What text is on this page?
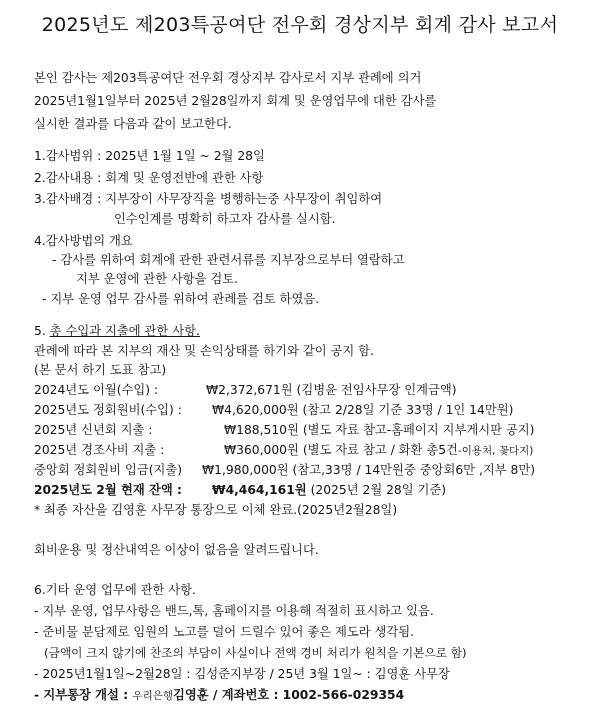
2025년도 제203특공여단 전우회 경상지부 회계 감사 보고서
본인 감사는 제203특공여단 전우회 경상지부 감사로서 지부 관례에 의거
2025년1월1일부터 2025년 2월28일까지 회계 및 운영업무에 대한 감사를
실시한 결과를 다음과 같이 보고한다.
1.감사범위 : 2025년 1월 1일 ~ 2월 28일
2.감사내용 : 회계 및 운영전반에 관한 사항
3.감사배경 : 지부장이 사무장직을 병행하는중 사무장이 취임하여
인수인계를 명확히 하고자 감사를 실시함.
4.감사방법의 개요
- 감사를 위하여 회계에 관한 관련서류를 지부장으로부터 열람하고
지부 운영에 관한 사항을 검토.
- 지부 운영 업무 감사를 위하여 관례를 검토 하였음.
5. 총 수입과 지출에 관한 사항.
관례에 따라 본 지부의 재산 및 손익상태를 하기와 같이 공지 함.
(본 문서 하기 도표 참고)
2024년도 이월(수입) :	₩2,372,671원 (김병윤 전임사무장 인계금액)
2025년도 정회원비(수입) : ₩4,620,000원 (참고 2/28일 기준 33명 / 1인 14만원)
2025년 신년회 지출 :	₩188,510원 (별도 자료 참고-홈페이지 지부게시판 공지)
2025년 경조사비 지출 :	₩360,000원 (별도 자료 참고 / 화환 총5건-이용처, 꽃다지)
중앙회 정회원비 입금(지출) ₩1,980,000원 (참고,33명 / 14만원중 중앙회6만 ,지부 8만)
2025년도 2월 현재 잔액 : ₩4,464,161원 (2025년 2월 28일 기준)
* 최종 자산을 김영훈 사무장 통장으로 이체 완료.(2025년2월28일)
회비운용 및 정산내역은 이상이 없음을 알려드립니다.
6.기타 운영 업무에 관한 사항.
- 지부 운영, 업무사항은 밴드,톡, 홈페이지를 이용해 적절히 표시하고 있음.
- 준비물 분담제로 임원의 노고를 덜어 드릴수 있어 좋은 제도라 생각됨.
(금액이 크지 않기에 찬조의 부담이 사실이나 전액 경비 처리가 원칙을 기본으로 함)
- 2025년1월1일~2월28일 : 김성준지부장 / 25년 3월 1일~ : 김영훈 사무장
- 지부통장 개설 : 우리은행김영훈 / 계좌번호 : 1002-566-029354
